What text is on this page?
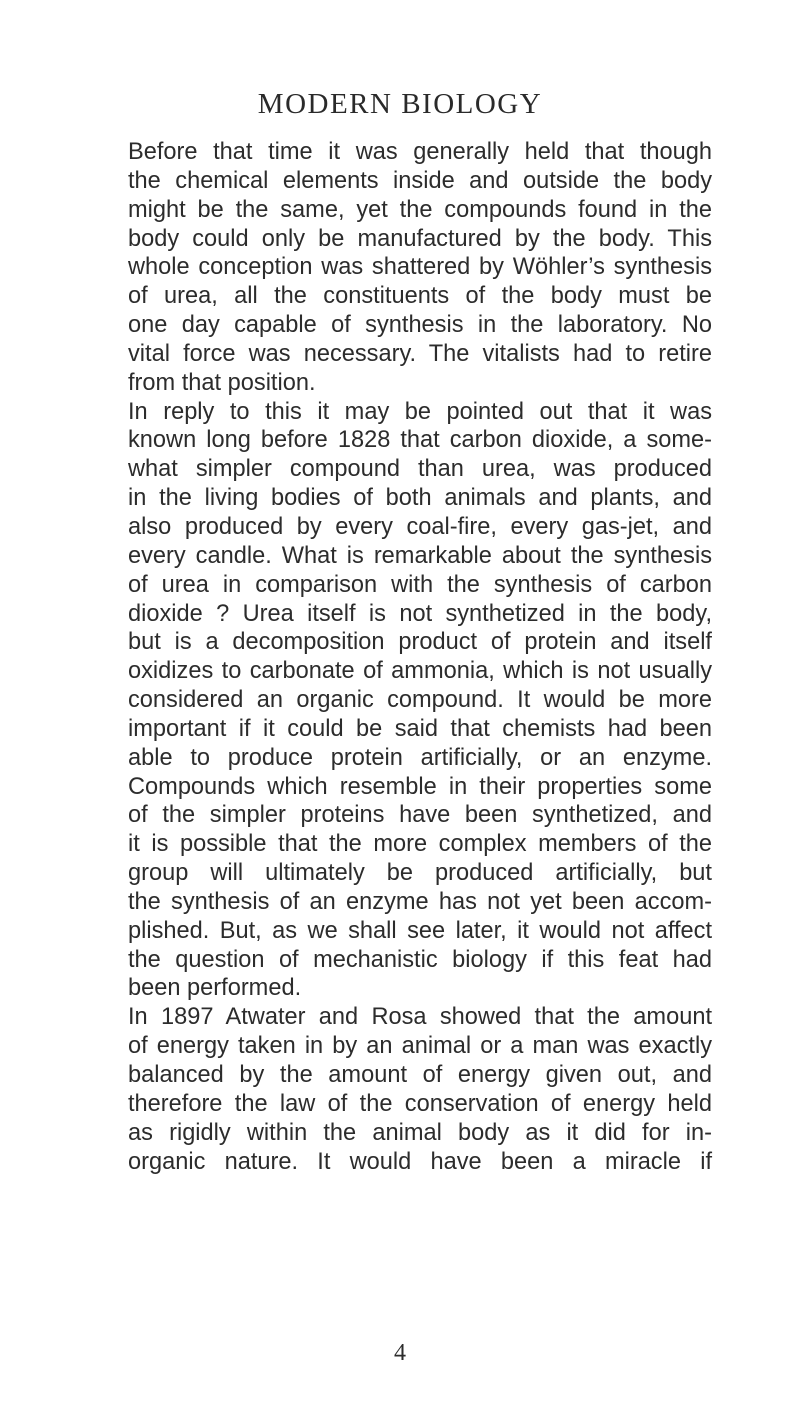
MODERN BIOLOGY
Before that time it was generally held that though
the chemical elements inside and outside the body
might be the same, yet the compounds found in the
body could only be manufactured by the body. This
whole conception was shattered by Wöhler’s synthesis
of urea, all the constituents of the body must be
one day capable of synthesis in the laboratory. No
vital force was necessary. The vitalists had to retire
from that position.
In reply to this it may be pointed out that it was
known long before 1828 that carbon dioxide, a some-
what simpler compound than urea, was produced
in the living bodies of both animals and plants, and
also produced by every coal-fire, every gas-jet, and
every candle. What is remarkable about the synthesis
of urea in comparison with the synthesis of carbon
dioxide ? Urea itself is not synthetized in the body,
but is a decomposition product of protein and itself
oxidizes to carbonate of ammonia, which is not usually
considered an organic compound. It would be more
important if it could be said that chemists had been
able to produce protein artificially, or an enzyme.
Compounds which resemble in their properties some
of the simpler proteins have been synthetized, and
it is possible that the more complex members of the
group will ultimately be produced artificially, but
the synthesis of an enzyme has not yet been accom-
plished. But, as we shall see later, it would not affect
the question of mechanistic biology if this feat had
been performed.
In 1897 Atwater and Rosa showed that the amount
of energy taken in by an animal or a man was exactly
balanced by the amount of energy given out, and
therefore the law of the conservation of energy held
as rigidly within the animal body as it did for in-
organic nature. It would have been a miracle if
4
